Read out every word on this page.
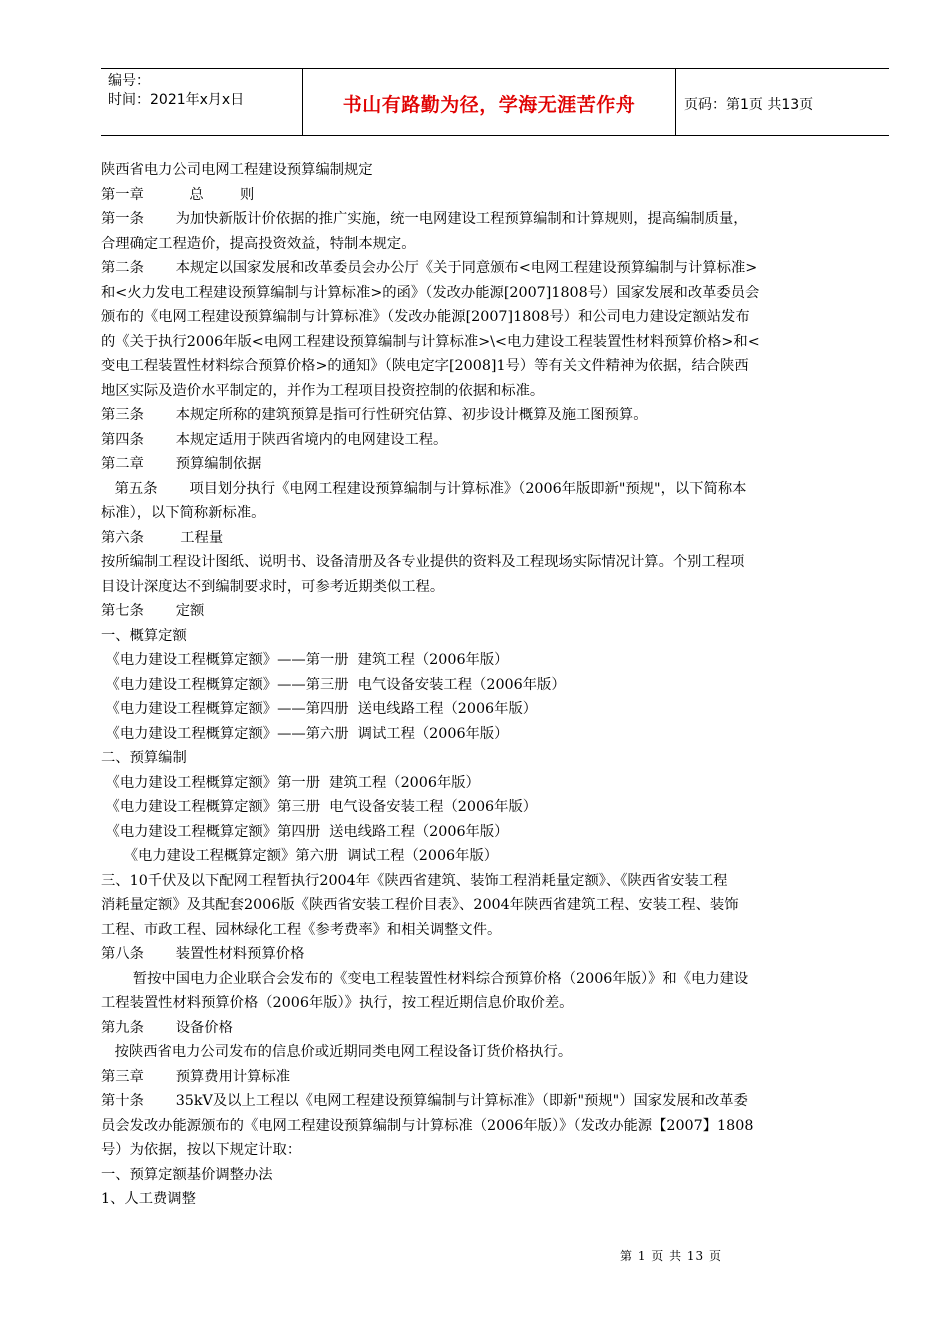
编号：
时间：2021年x月x日	书山有路勤为径，学海无涯苦作舟	页码：第1页 共13页

陕西省电力公司电网工程建设预算编制规定

第一章          总        则

第一条       为加快新版计价依据的推广实施，统一电网建设工程预算编制和计算规则，提高编制质量，

合理确定工程造价，提高投资效益，特制本规定。

第二条       本规定以国家发展和改革委员会办公厅《关于同意颁布<电网工程建设预算编制与计算标准>

和<火力发电工程建设预算编制与计算标准>的函》（发改办能源[2007]1808号）国家发展和改革委员会

颁布的《电网工程建设预算编制与计算标准》（发改办能源[2007]1808号）和公司电力建设定额站发布

的《关于执行2006年版<电网工程建设预算编制与计算标准>\<电力建设工程装置性材料预算价格>和<

变电工程装置性材料综合预算价格>的通知》（陕电定字[2008]1号）等有关文件精神为依据，结合陕西

地区实际及造价水平制定的，并作为工程项目投资控制的依据和标准。

第三条       本规定所称的建筑预算是指可行性研究估算、初步设计概算及施工图预算。

第四条       本规定适用于陕西省境内的电网建设工程。

第二章       预算编制依据

第五条       项目划分执行《电网工程建设预算编制与计算标准》（2006年版即新"预规"，以下简称本

标准），以下简称新标准。

第六条        工程量

按所编制工程设计图纸、说明书、设备清册及各专业提供的资料及工程现场实际情况计算。个别工程项

目设计深度达不到编制要求时，可参考近期类似工程。

第七条       定额

一、概算定额

《电力建设工程概算定额》——第一册  建筑工程（2006年版）

《电力建设工程概算定额》——第三册  电气设备安装工程（2006年版）

《电力建设工程概算定额》——第四册  送电线路工程（2006年版）

《电力建设工程概算定额》——第六册  调试工程（2006年版）

二、预算编制

《电力建设工程概算定额》第一册  建筑工程（2006年版）

《电力建设工程概算定额》第三册  电气设备安装工程（2006年版）

《电力建设工程概算定额》第四册  送电线路工程（2006年版）

《电力建设工程概算定额》第六册  调试工程（2006年版）

三、10千伏及以下配网工程暂执行2004年《陕西省建筑、装饰工程消耗量定额》、《陕西省安装工程

消耗量定额》及其配套2006版《陕西省安装工程价目表》、2004年陕西省建筑工程、安装工程、装饰

工程、市政工程、园林绿化工程《参考费率》和相关调整文件。

第八条       装置性材料预算价格

暂按中国电力企业联合会发布的《变电工程装置性材料综合预算价格（2006年版）》和《电力建设

工程装置性材料预算价格（2006年版）》执行，按工程近期信息价取价差。

第九条       设备价格

按陕西省电力公司发布的信息价或近期同类电网工程设备订货价格执行。

第三章       预算费用计算标准

第十条       35kV及以上工程以《电网工程建设预算编制与计算标准》（即新"预规"）国家发展和改革委

员会发改办能源颁布的《电网工程建设预算编制与计算标准（2006年版）》（发改办能源【2007】1808

号）为依据，按以下规定计取：

一、预算定额基价调整办法

1、人工费调整

第 1 页 共 13 页
